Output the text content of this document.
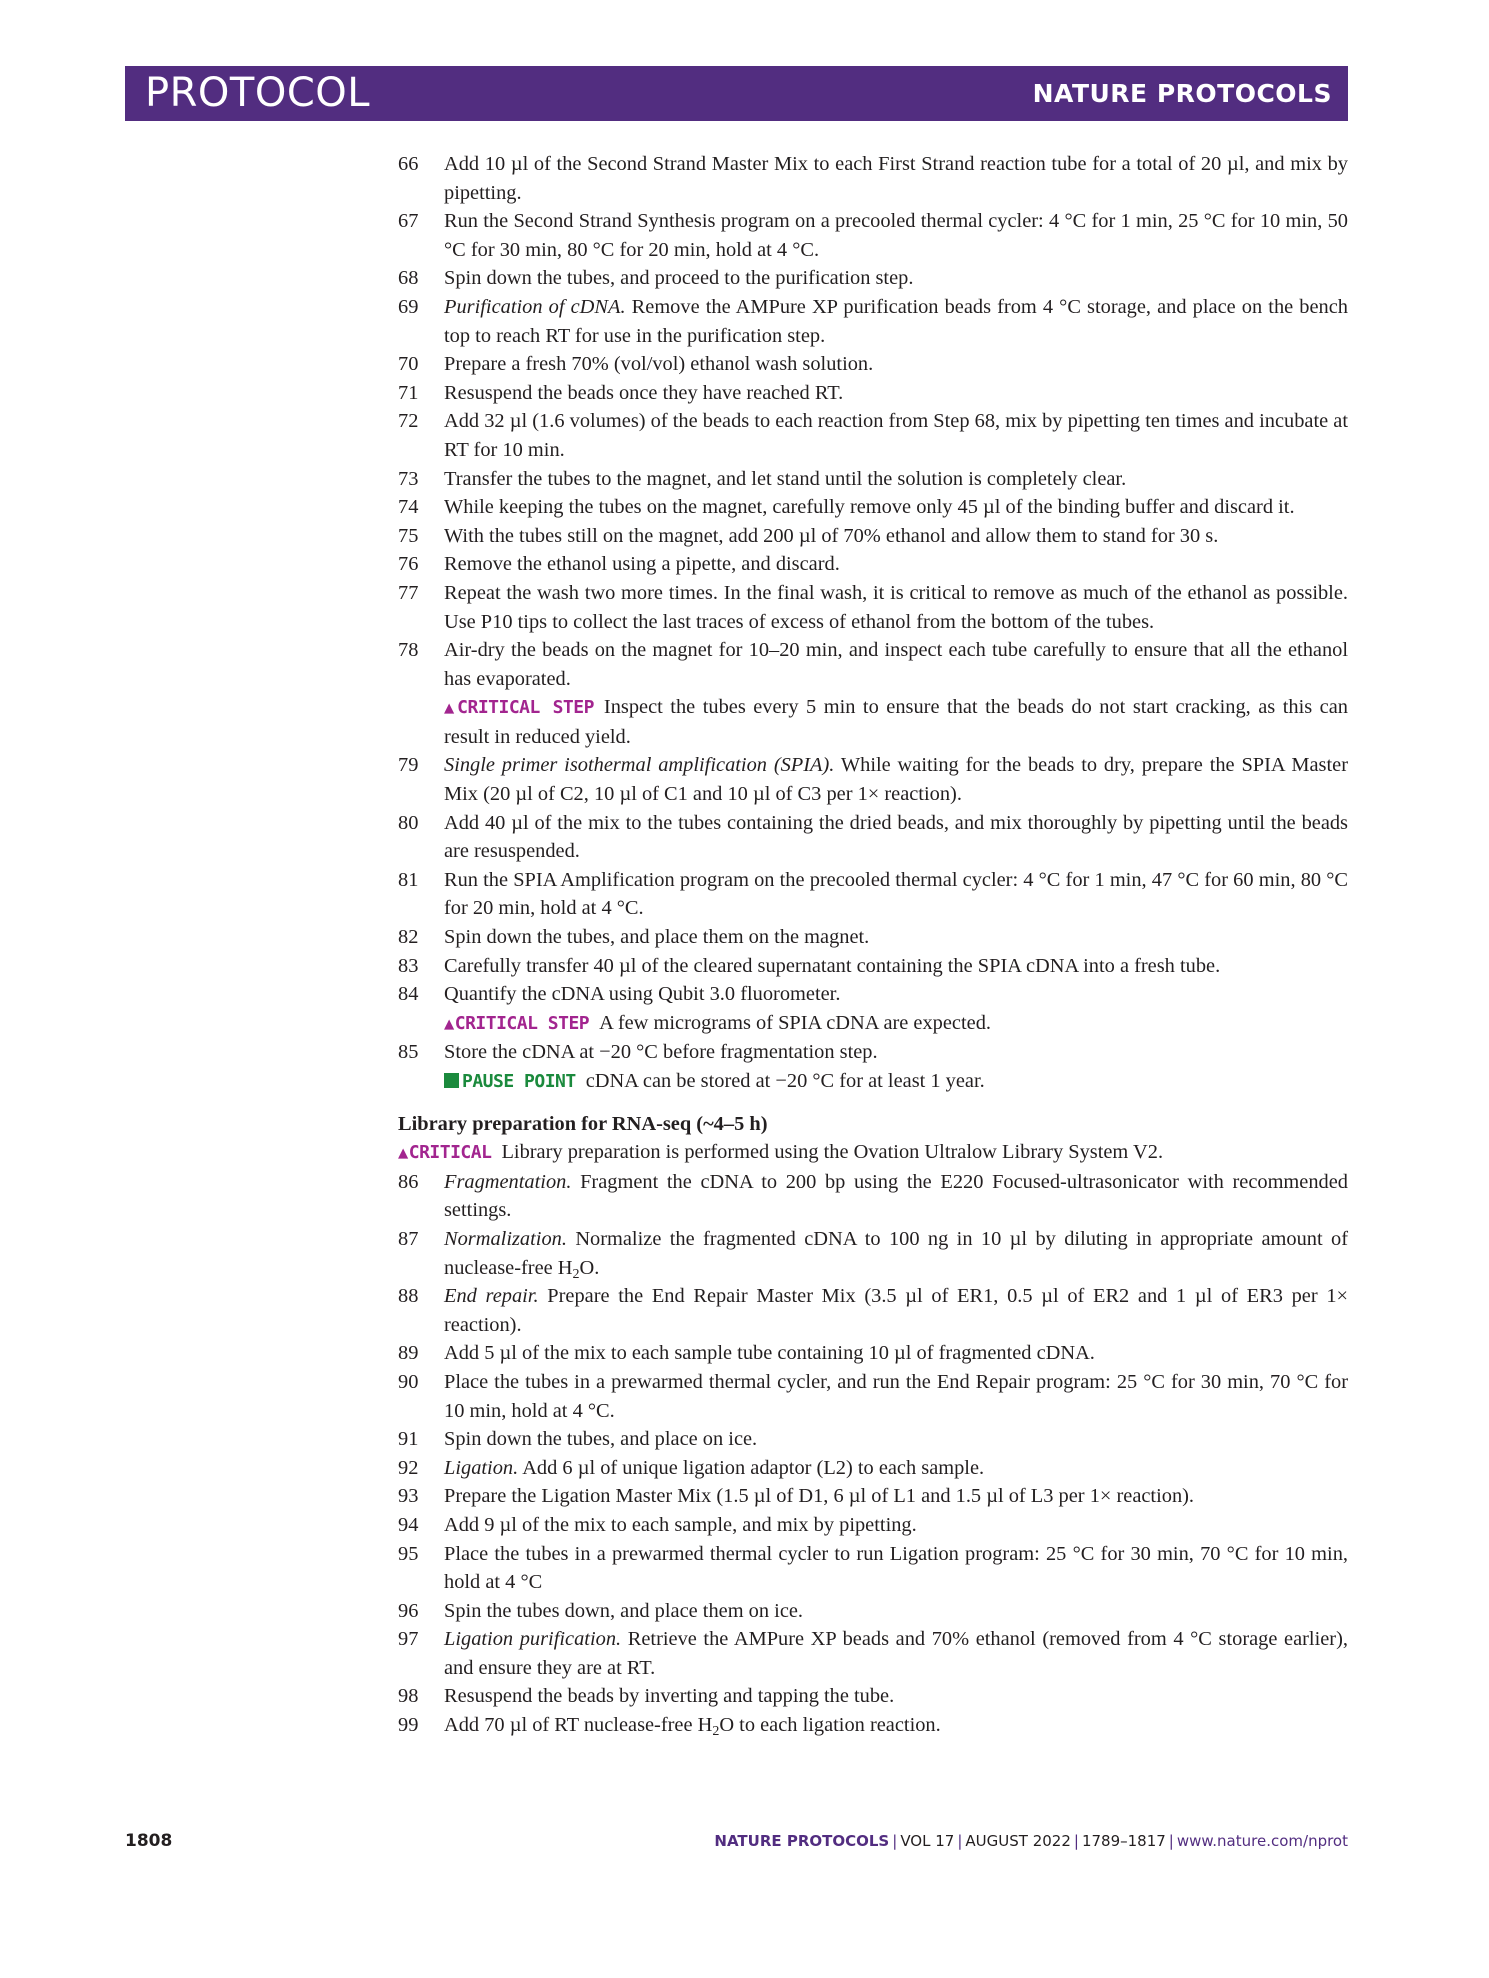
PROTOCOL	NATURE PROTOCOLS
66 Add 10 µl of the Second Strand Master Mix to each First Strand reaction tube for a total of 20 µl, and mix by pipetting.
67 Run the Second Strand Synthesis program on a precooled thermal cycler: 4 °C for 1 min, 25 °C for 10 min, 50 °C for 30 min, 80 °C for 20 min, hold at 4 °C.
68 Spin down the tubes, and proceed to the purification step.
69 Purification of cDNA. Remove the AMPure XP purification beads from 4 °C storage, and place on the bench top to reach RT for use in the purification step.
70 Prepare a fresh 70% (vol/vol) ethanol wash solution.
71 Resuspend the beads once they have reached RT.
72 Add 32 µl (1.6 volumes) of the beads to each reaction from Step 68, mix by pipetting ten times and incubate at RT for 10 min.
73 Transfer the tubes to the magnet, and let stand until the solution is completely clear.
74 While keeping the tubes on the magnet, carefully remove only 45 µl of the binding buffer and discard it.
75 With the tubes still on the magnet, add 200 µl of 70% ethanol and allow them to stand for 30 s.
76 Remove the ethanol using a pipette, and discard.
77 Repeat the wash two more times. In the final wash, it is critical to remove as much of the ethanol as possible. Use P10 tips to collect the last traces of excess of ethanol from the bottom of the tubes.
78 Air-dry the beads on the magnet for 10–20 min, and inspect each tube carefully to ensure that all the ethanol has evaporated.
▲CRITICAL STEP Inspect the tubes every 5 min to ensure that the beads do not start cracking, as this can result in reduced yield.
79 Single primer isothermal amplification (SPIA). While waiting for the beads to dry, prepare the SPIA Master Mix (20 µl of C2, 10 µl of C1 and 10 µl of C3 per 1× reaction).
80 Add 40 µl of the mix to the tubes containing the dried beads, and mix thoroughly by pipetting until the beads are resuspended.
81 Run the SPIA Amplification program on the precooled thermal cycler: 4 °C for 1 min, 47 °C for 60 min, 80 °C for 20 min, hold at 4 °C.
82 Spin down the tubes, and place them on the magnet.
83 Carefully transfer 40 µl of the cleared supernatant containing the SPIA cDNA into a fresh tube.
84 Quantify the cDNA using Qubit 3.0 fluorometer.
▲CRITICAL STEP A few micrograms of SPIA cDNA are expected.
85 Store the cDNA at −20 °C before fragmentation step.
PAUSE POINT cDNA can be stored at −20 °C for at least 1 year.
Library preparation for RNA-seq (~4–5 h)
▲CRITICAL Library preparation is performed using the Ovation Ultralow Library System V2.
86 Fragmentation. Fragment the cDNA to 200 bp using the E220 Focused-ultrasonicator with recommended settings.
87 Normalization. Normalize the fragmented cDNA to 100 ng in 10 µl by diluting in appropriate amount of nuclease-free $H_2O$.
88 End repair. Prepare the End Repair Master Mix (3.5 µl of ER1, 0.5 µl of ER2 and 1 µl of ER3 per 1× reaction).
89 Add 5 µl of the mix to each sample tube containing 10 µl of fragmented cDNA.
90 Place the tubes in a prewarmed thermal cycler, and run the End Repair program: 25 °C for 30 min, 70 °C for 10 min, hold at 4 °C.
91 Spin down the tubes, and place on ice.
92 Ligation. Add 6 µl of unique ligation adaptor (L2) to each sample.
93 Prepare the Ligation Master Mix (1.5 µl of D1, 6 µl of L1 and 1.5 µl of L3 per 1× reaction).
94 Add 9 µl of the mix to each sample, and mix by pipetting.
95 Place the tubes in a prewarmed thermal cycler to run Ligation program: 25 °C for 30 min, 70 °C for 10 min, hold at 4 °C
96 Spin the tubes down, and place them on ice.
97 Ligation purification. Retrieve the AMPure XP beads and 70% ethanol (removed from 4 °C storage earlier), and ensure they are at RT.
98 Resuspend the beads by inverting and tapping the tube.
99 Add 70 µl of RT nuclease-free $H_2O$ to each ligation reaction.
1808	NATURE PROTOCOLS | VOL 17 | AUGUST 2022 | 1789–1817 | www.nature.com/nprot
